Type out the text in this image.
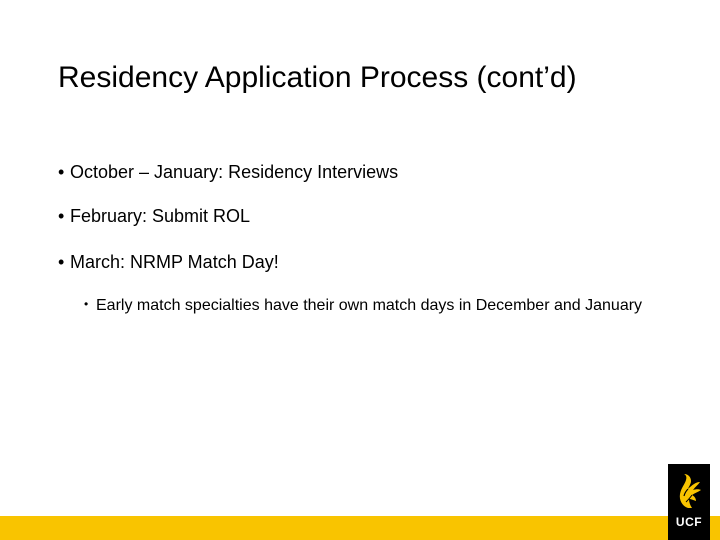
Residency Application Process (cont’d)
• October – January: Residency Interviews
• February: Submit ROL
• March: NRMP Match Day!
• Early match specialties have their own match days in December and January
UCF
